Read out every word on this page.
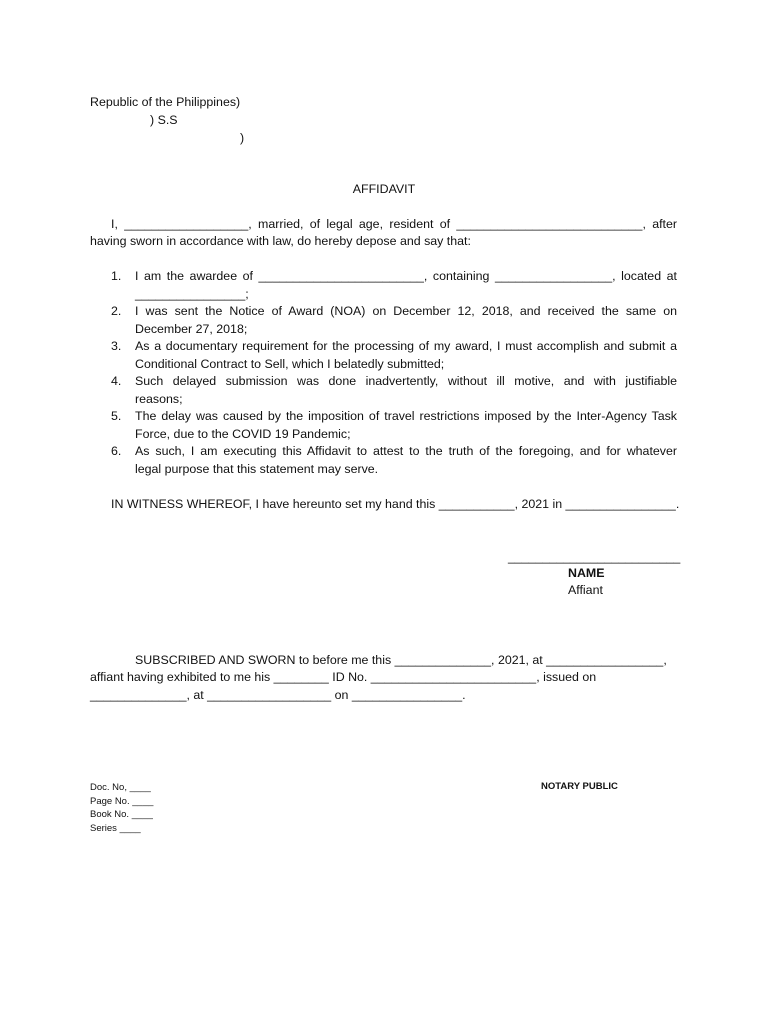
Republic of the Philippines)
) S.S
)
AFFIDAVIT
I, __________________, married, of legal age, resident of ___________________________, after
having sworn in accordance with law, do hereby depose and say that:
1. I am the awardee of ________________________, containing _________________, located at
________________;
2. I was sent the Notice of Award (NOA) on December 12, 2018, and received the same on
December 27, 2018;
3. As a documentary requirement for the processing of my award, I must accomplish and submit a
Conditional Contract to Sell, which I belatedly submitted;
4. Such delayed submission was done inadvertently, without ill motive, and with justifiable
reasons;
5. The delay was caused by the imposition of travel restrictions imposed by the Inter-Agency Task
Force, due to the COVID 19 Pandemic;
6. As such, I am executing this Affidavit to attest to the truth of the foregoing, and for whatever
legal purpose that this statement may serve.
IN WITNESS WHEREOF, I have hereunto set my hand this ___________, 2021 in ________________.
_________________________
NAME
Affiant
SUBSCRIBED AND SWORN to before me this ______________, 2021, at _________________,
affiant having exhibited to me his ________ ID No. ________________________, issued on
______________, at __________________ on ________________.
NOTARY PUBLIC
Doc. No, ____
Page No. ____
Book No. ____
Series ____
